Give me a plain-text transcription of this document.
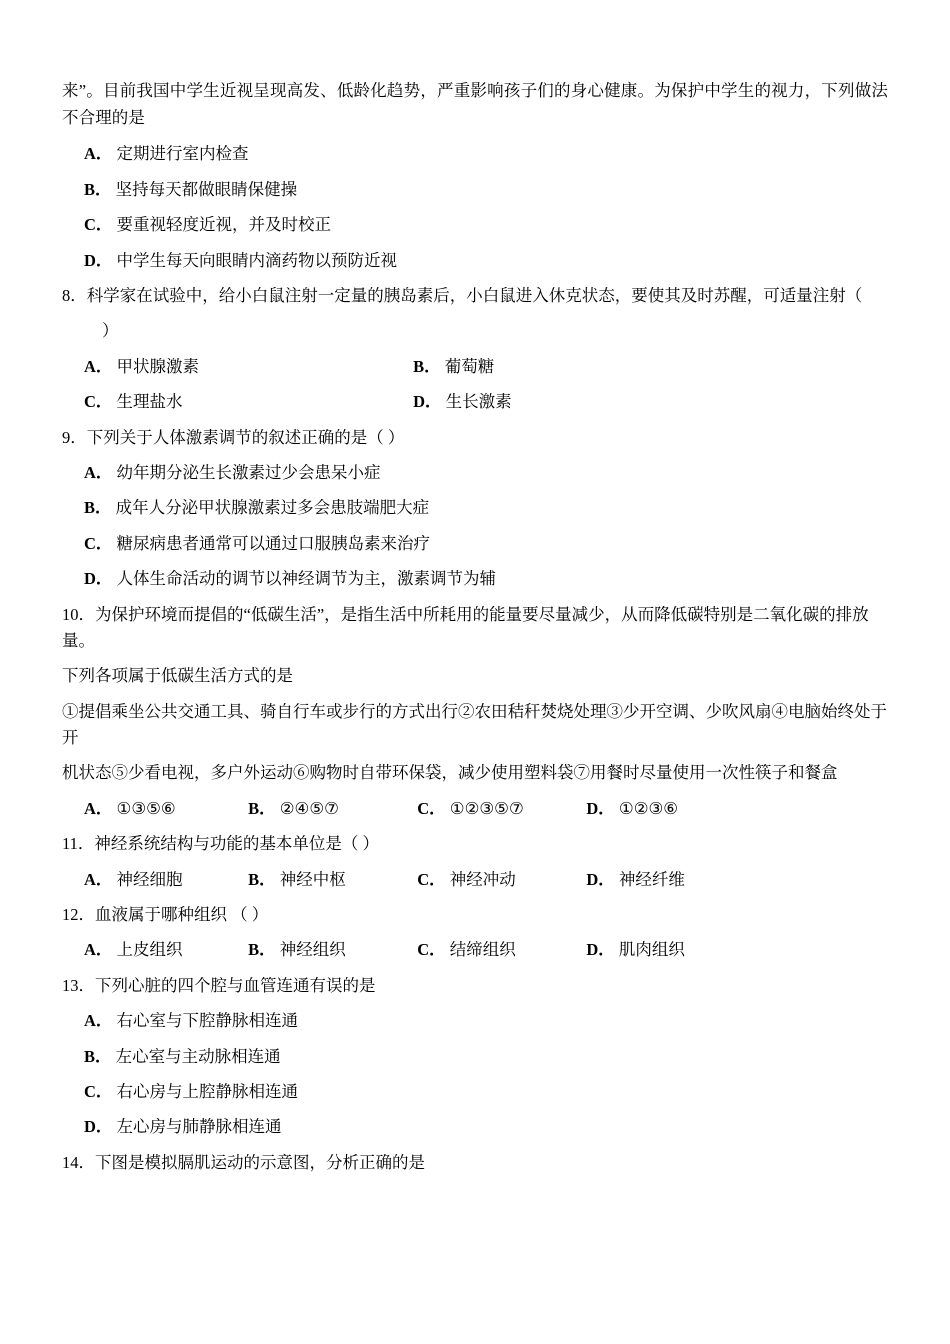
来”。目前我国中学生近视呈现高发、低龄化趋势，严重影响孩子们的身心健康。为保护中学生的视力，下列做法不合理的是

A． 定期进行室内检查
B． 坚持每天都做眼睛保健操
C． 要重视轻度近视，并及时校正
D． 中学生每天向眼睛内滴药物以预防近视

8．科学家在试验中，给小白鼠注射一定量的胰岛素后，小白鼠进入休克状态，要使其及时苏醒，可适量注射（

）

A． 甲状腺激素	B． 葡萄糖
C． 生理盐水	D． 生长激素

9．下列关于人体激素调节的叙述正确的是（ ）

A． 幼年期分泌生长激素过少会患呆小症
B． 成年人分泌甲状腺激素过多会患肢端肥大症
C． 糖尿病患者通常可以通过口服胰岛素来治疗
D． 人体生命活动的调节以神经调节为主，激素调节为辅

10．为保护环境而提倡的“低碳生活”，是指生活中所耗用的能量要尽量减少，从而降低碳特别是二氧化碳的排放量。

下列各项属于低碳生活方式的是

①提倡乘坐公共交通工具、骑自行车或步行的方式出行②农田秸秆焚烧处理③少开空调、少吹风扇④电脑始终处于开

机状态⑤少看电视，多户外运动⑥购物时自带环保袋，减少使用塑料袋⑦用餐时尽量使用一次性筷子和餐盒

A． ①③⑤⑥	B． ②④⑤⑦	C． ①②③⑤⑦	D． ①②③⑥

11．神经系统结构与功能的基本单位是（ ）

A． 神经细胞	B． 神经中枢	C． 神经冲动	D． 神经纤维

12．血液属于哪种组织 （ ）

A． 上皮组织	B． 神经组织	C． 结缔组织	D． 肌肉组织

13．下列心脏的四个腔与血管连通有误的是

A． 右心室与下腔静脉相连通
B． 左心室与主动脉相连通
C． 右心房与上腔静脉相连通
D． 左心房与肺静脉相连通

14．下图是模拟膈肌运动的示意图，分析正确的是
